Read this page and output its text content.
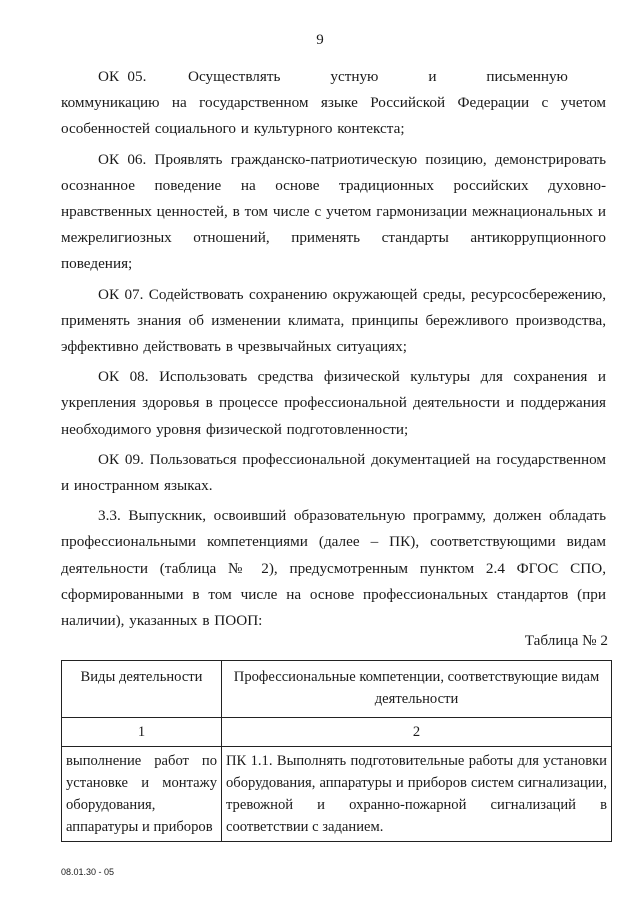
9

ОК 05.     Осуществлять      устную      и      письменную      коммуникацию на государственном языке Российской Федерации с учетом особенностей социального и культурного контекста;

ОК 06. Проявлять гражданско-патриотическую позицию, демонстрировать осознанное поведение на основе традиционных российских духовно-нравственных ценностей, в том числе с учетом гармонизации межнациональных и межрелигиозных отношений, применять стандарты антикоррупционного поведения;

ОК 07. Содействовать сохранению окружающей среды, ресурсосбережению, применять знания об изменении климата, принципы бережливого производства, эффективно действовать в чрезвычайных ситуациях;

ОК 08. Использовать средства физической культуры для сохранения и укрепления здоровья в процессе профессиональной деятельности и поддержания необходимого уровня физической подготовленности;

ОК 09. Пользоваться профессиональной документацией на государственном и иностранном языках.

3.3. Выпускник, освоивший образовательную программу, должен обладать профессиональными компетенциями (далее – ПК), соответствующими видам деятельности (таблица № 2), предусмотренным пунктом 2.4 ФГОС СПО, сформированными в том числе на основе профессиональных стандартов (при наличии), указанных в ПООП:

Таблица № 2
Виды деятельности	Профессиональные компетенции, соответствующие видам деятельности
1	2
выполнение работ по установке и монтажу оборудования, аппаратуры и приборов	ПК 1.1. Выполнять подготовительные работы для установки оборудования, аппаратуры и приборов систем сигнализации, тревожной и охранно-пожарной сигнализаций в соответствии с заданием.
08.01.30 - 05
